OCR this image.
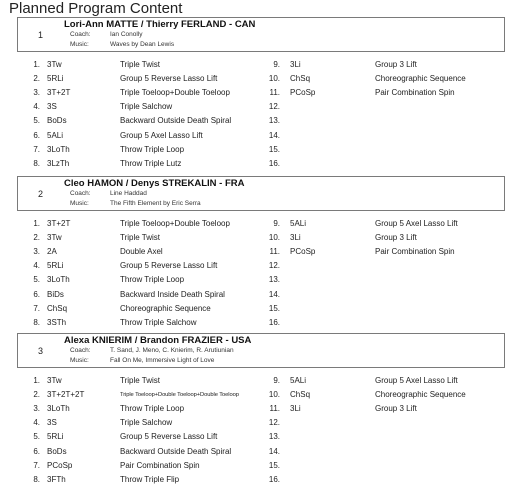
Planned Program Content
1
Lori-Ann MATTE / Thierry FERLAND - CAN
Coach:	Ian Conolly
Music:	Waves by Dean Lewis
1. 3Tw	Triple Twist
2. 5RLi	Group 5 Reverse Lasso Lift
3. 3T+2T	Triple Toeloop+Double Toeloop
4. 3S	Triple Salchow
5. BoDs	Backward Outside Death Spiral
6. 5ALi	Group 5 Axel Lasso Lift
7. 3LoTh	Throw Triple Loop
8. 3LzTh	Throw Triple Lutz
9. 3Li	Group 3 Lift
10. ChSq	Choreographic Sequence
11. PCoSp	Pair Combination Spin
12.
13.
14.
15.
16.
2
Cleo HAMON / Denys STREKALIN - FRA
Coach:	Line Haddad
Music:	The Fifth Element by Eric Serra
1. 3T+2T	Triple Toeloop+Double Toeloop
2. 3Tw	Triple Twist
3. 2A	Double Axel
4. 5RLi	Group 5 Reverse Lasso Lift
5. 3LoTh	Throw Triple Loop
6. BiDs	Backward Inside Death Spiral
7. ChSq	Choreographic Sequence
8. 3STh	Throw Triple Salchow
9. 5ALi	Group 5 Axel Lasso Lift
10. 3Li	Group 3 Lift
11. PCoSp	Pair Combination Spin
12.
13.
14.
15.
16.
3
Alexa KNIERIM / Brandon FRAZIER - USA
Coach:	T. Sand, J. Meno, C. Knierim, R. Arutiunian
Music:	Fall On Me, Immersive Light of Love
1. 3Tw	Triple Twist
2. 3T+2T+2T	Triple Toeloop+Double Toeloop+Double Toeloop
3. 3LoTh	Throw Triple Loop
4. 3S	Triple Salchow
5. 5RLi	Group 5 Reverse Lasso Lift
6. BoDs	Backward Outside Death Spiral
7. PCoSp	Pair Combination Spin
8. 3FTh	Throw Triple Flip
9. 5ALi	Group 5 Axel Lasso Lift
10. ChSq	Choreographic Sequence
11. 3Li	Group 3 Lift
12.
13.
14.
15.
16.
